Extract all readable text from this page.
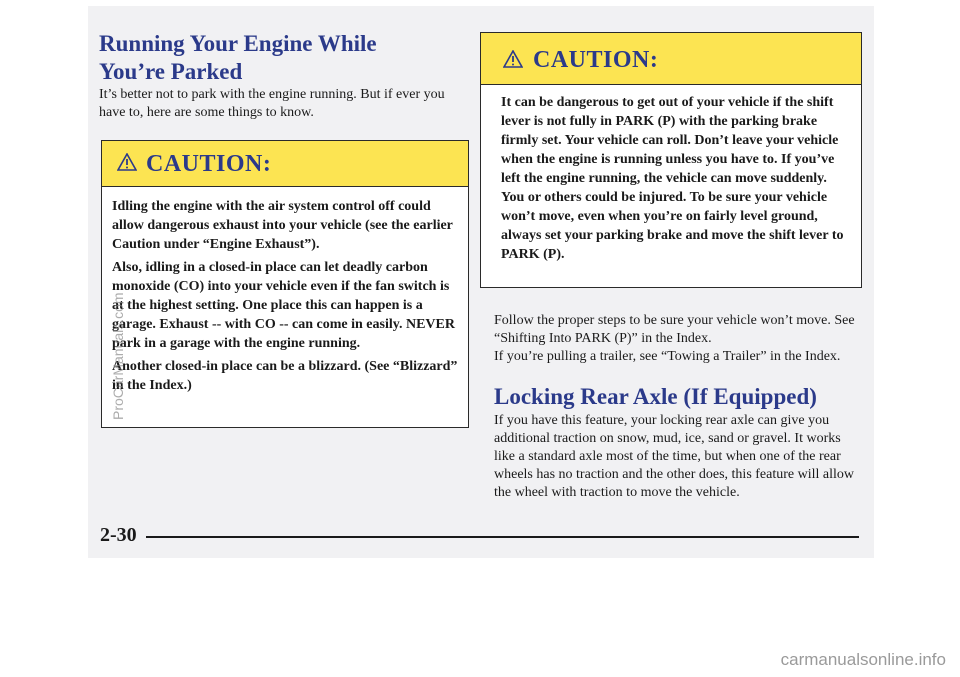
Running Your Engine While
You’re Parked
It’s better not to park with the engine running. But if ever you have to, here are some things to know.
CAUTION:

Idling the engine with the air system control off could allow dangerous exhaust into your vehicle (see the earlier Caution under “Engine Exhaust”).

Also, idling in a closed-in place can let deadly carbon monoxide (CO) into your vehicle even if the fan switch is at the highest setting. One place this can happen is a garage. Exhaust -- with CO -- can come in easily. NEVER park in a garage with the engine running.

Another closed-in place can be a blizzard. (See “Blizzard” in the Index.)

CAUTION:

It can be dangerous to get out of your vehicle if the shift lever is not fully in PARK (P) with the parking brake firmly set. Your vehicle can roll. Don’t leave your vehicle when the engine is running unless you have to. If you’ve left the engine running, the vehicle can move suddenly. You or others could be injured. To be sure your vehicle won’t move, even when you’re on fairly level ground, always set your parking brake and move the shift lever to PARK (P).

Follow the proper steps to be sure your vehicle won’t move. See “Shifting Into PARK (P)” in the Index.
If you’re pulling a trailer, see “Towing a Trailer” in the Index.
Locking Rear Axle (If Equipped)
If you have this feature, your locking rear axle can give you additional traction on snow, mud, ice, sand or gravel. It works like a standard axle most of the time, but when one of the rear wheels has no traction and the other does, this feature will allow the wheel with traction to move the vehicle.
2-30
ProCarManuals.com
carmanualsonline.info
